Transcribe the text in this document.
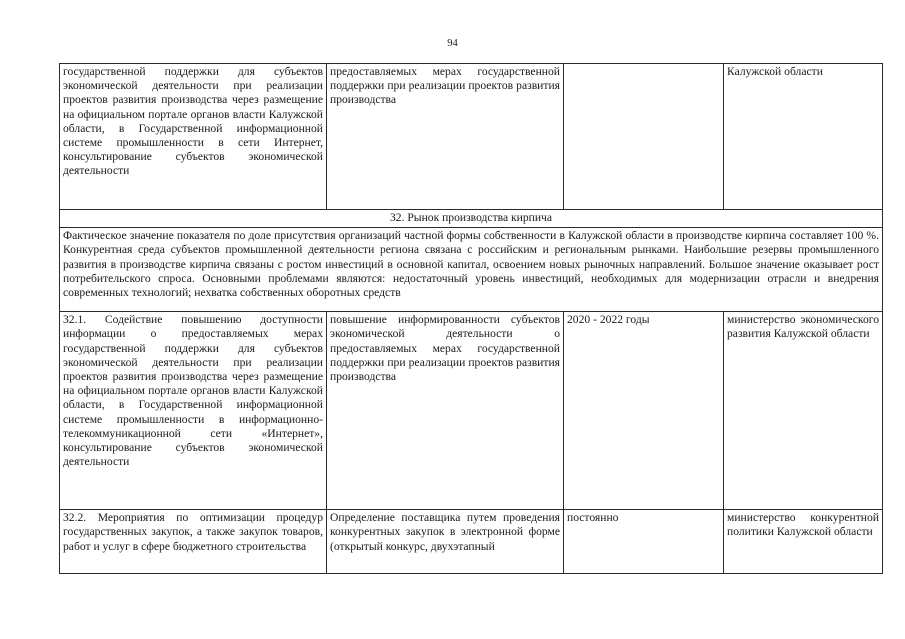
94
государственной поддержки для субъектов экономической деятельности при реализации проектов развития производства через размещение на официальном портале органов власти Калужской области, в Государственной информационной системе промышленности в сети Интернет, консультирование субъектов экономической деятельности	предоставляемых мерах государственной поддержки при реализации проектов развития производства		Калужской области
32. Рынок производства кирпича			
Фактическое значение показателя по доле присутствия организаций частной формы собственности в Калужской области в производстве кирпича составляет 100 %. Конкурентная среда субъектов промышленной деятельности региона связана с российским и региональным рынками. Наибольшие резервы промышленного развития в производстве кирпича связаны с ростом инвестиций в основной капитал, освоением новых рыночных направлений. Большое значение оказывает рост потребительского спроса. Основными проблемами являются: недостаточный уровень инвестиций, необходимых для модернизации отрасли и внедрения современных технологий; нехватка собственных оборотных средств			
32.1. Содействие повышению доступности информации о предоставляемых мерах государственной поддержки для субъектов экономической деятельности при реализации проектов развития производства через размещение на официальном портале органов власти Калужской области, в Государственной информационной системе промышленности в информационно-телекоммуникационной сети «Интернет», консультирование субъектов экономической деятельности	повышение информированности субъектов экономической деятельности о предоставляемых мерах государственной поддержки при реализации проектов развития производства	2020 - 2022 годы	министерство экономического развития Калужской области
32.2. Мероприятия по оптимизации процедур государственных закупок, а также закупок товаров, работ и услуг в сфере бюджетного строительства	Определение поставщика путем проведения конкурентных закупок в электронной форме (открытый конкурс, двухэтапный	постоянно	министерство конкурентной политики Калужской области
